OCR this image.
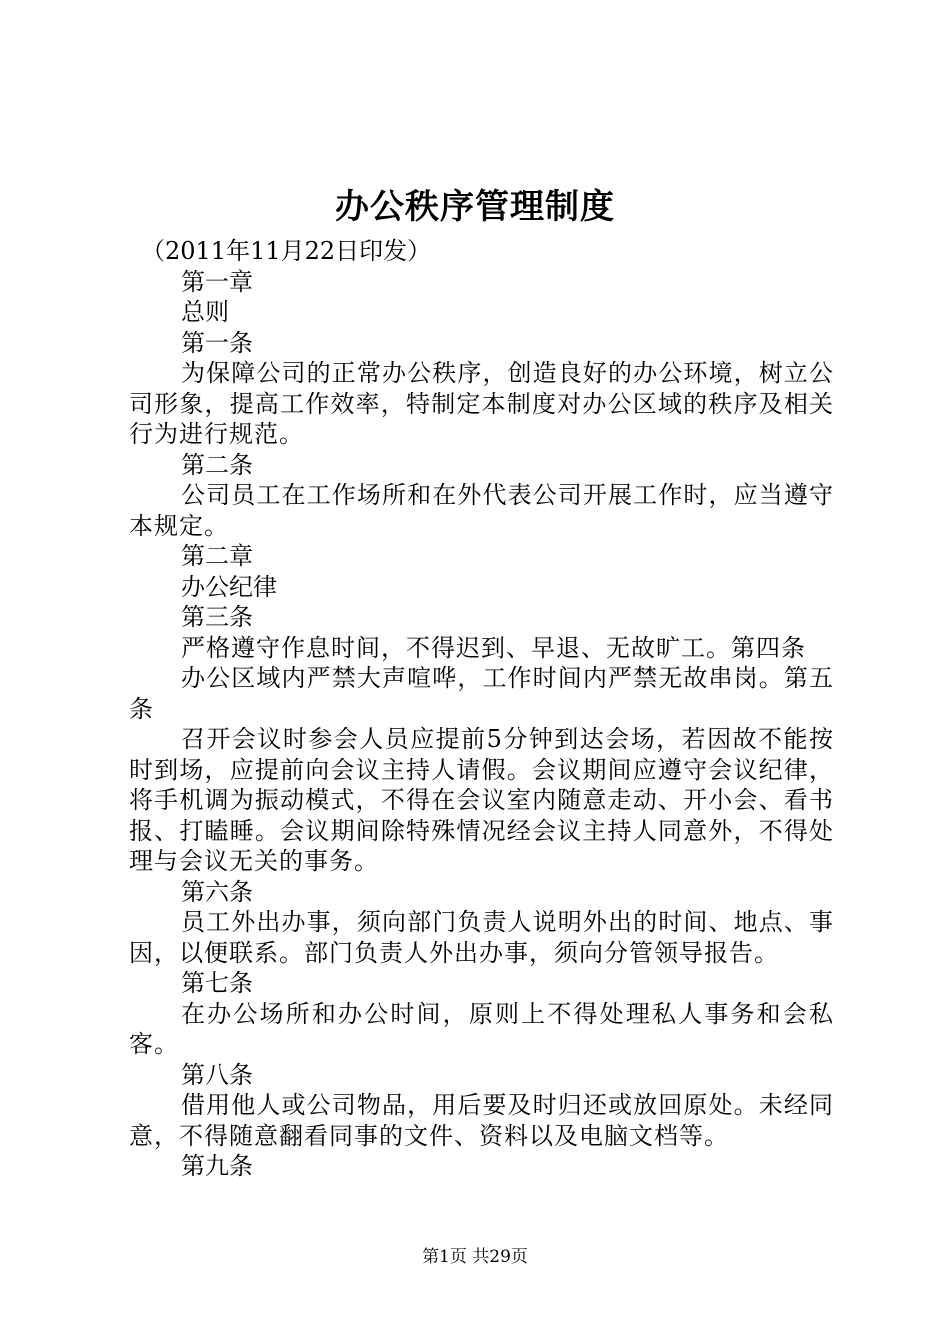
办公秩序管理制度
（2011年11月22日印发）
第一章
总则
第一条
为保障公司的正常办公秩序，创造良好的办公环境，树立公司形象，提高工作效率，特制定本制度对办公区域的秩序及相关行为进行规范。
第二条
公司员工在工作场所和在外代表公司开展工作时，应当遵守本规定。
第二章
办公纪律
第三条
严格遵守作息时间，不得迟到、早退、无故旷工。第四条
办公区域内严禁大声喧哗，工作时间内严禁无故串岗。第五条
召开会议时参会人员应提前5分钟到达会场，若因故不能按时到场，应提前向会议主持人请假。会议期间应遵守会议纪律，将手机调为振动模式，不得在会议室内随意走动、开小会、看书报、打瞌睡。会议期间除特殊情况经会议主持人同意外，不得处理与会议无关的事务。
第六条
员工外出办事，须向部门负责人说明外出的时间、地点、事因，以便联系。部门负责人外出办事，须向分管领导报告。
第七条
在办公场所和办公时间，原则上不得处理私人事务和会私客。
第八条
借用他人或公司物品，用后要及时归还或放回原处。未经同意，不得随意翻看同事的文件、资料以及电脑文档等。
第九条
第1页 共29页
